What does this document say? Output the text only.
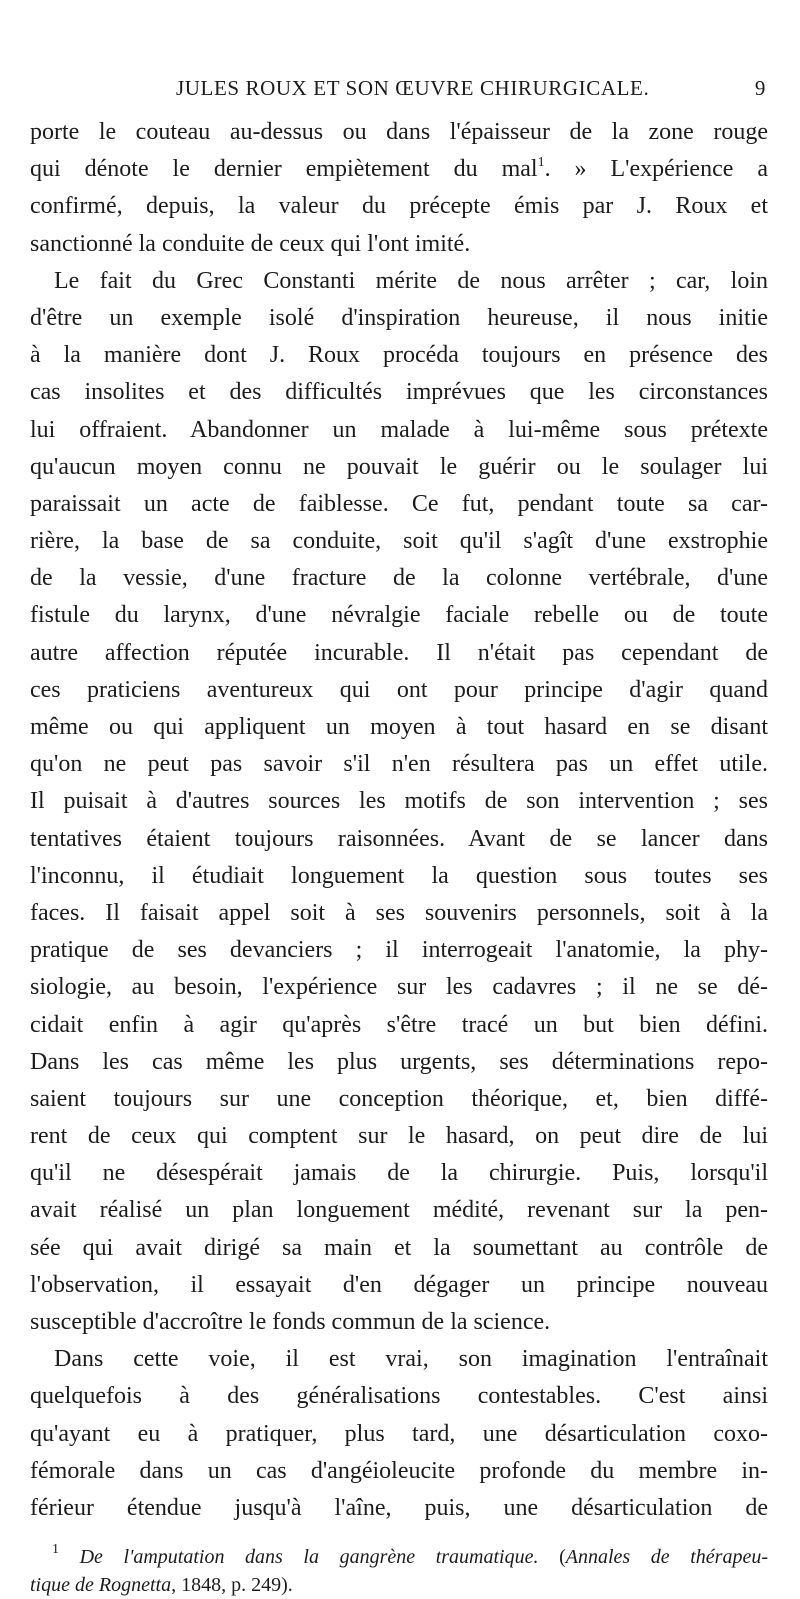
JULES ROUX ET SON ŒUVRE CHIRURGICALE.	9
porte le couteau au-dessus ou dans l'épaisseur de la zone rouge
qui dénote le dernier empiètement du mal$^1$. » L'expérience a
confirmé, depuis, la valeur du précepte émis par J. Roux et
sanctionné la conduite de ceux qui l'ont imité.
Le fait du Grec Constanti mérite de nous arrêter ; car, loin
d'être un exemple isolé d'inspiration heureuse, il nous initie
à la manière dont J. Roux procéda toujours en présence des
cas insolites et des difficultés imprévues que les circonstances
lui offraient. Abandonner un malade à lui-même sous prétexte
qu'aucun moyen connu ne pouvait le guérir ou le soulager lui
paraissait un acte de faiblesse. Ce fut, pendant toute sa car-
rière, la base de sa conduite, soit qu'il s'agît d'une exstrophie
de la vessie, d'une fracture de la colonne vertébrale, d'une
fistule du larynx, d'une névralgie faciale rebelle ou de toute
autre affection réputée incurable. Il n'était pas cependant de
ces praticiens aventureux qui ont pour principe d'agir quand
même ou qui appliquent un moyen à tout hasard en se disant
qu'on ne peut pas savoir s'il n'en résultera pas un effet utile.
Il puisait à d'autres sources les motifs de son intervention ; ses
tentatives étaient toujours raisonnées. Avant de se lancer dans
l'inconnu, il étudiait longuement la question sous toutes ses
faces. Il faisait appel soit à ses souvenirs personnels, soit à la
pratique de ses devanciers ; il interrogeait l'anatomie, la phy-
siologie, au besoin, l'expérience sur les cadavres ; il ne se dé-
cidait enfin à agir qu'après s'être tracé un but bien défini.
Dans les cas même les plus urgents, ses déterminations repo-
saient toujours sur une conception théorique, et, bien diffé-
rent de ceux qui comptent sur le hasard, on peut dire de lui
qu'il ne désespérait jamais de la chirurgie. Puis, lorsqu'il
avait réalisé un plan longuement médité, revenant sur la pen-
sée qui avait dirigé sa main et la soumettant au contrôle de
l'observation, il essayait d'en dégager un principe nouveau
susceptible d'accroître le fonds commun de la science.
Dans cette voie, il est vrai, son imagination l'entraînait
quelquefois à des généralisations contestables. C'est ainsi
qu'ayant eu à pratiquer, plus tard, une désarticulation coxo-
fémorale dans un cas d'angéioleucite profonde du membre in-
férieur étendue jusqu'à l'aîne, puis, une désarticulation de
$^1$ De l'amputation dans la gangrène traumatique. (Annales de thérapeu-
tique de Rognetta, 1848, p. 249).
